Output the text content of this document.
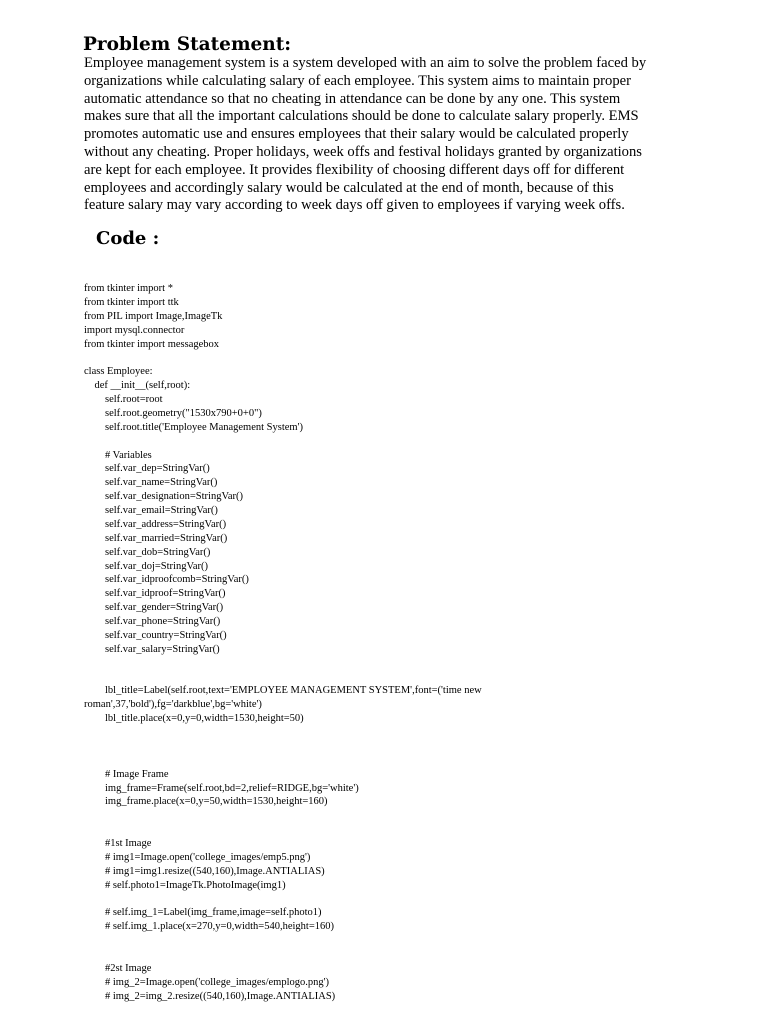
Problem Statement:

Employee management system is a system developed with an aim to solve the problem faced by
organizations while calculating salary of each employee. This system aims to maintain proper
automatic attendance so that no cheating in attendance can be done by any one. This system
makes sure that all the important calculations should be done to calculate salary properly. EMS
promotes automatic use and ensures employees that their salary would be calculated properly
without any cheating. Proper holidays, week offs and festival holidays granted by organizations
are kept for each employee. It provides flexibility of choosing different days off for different
employees and accordingly salary would be calculated at the end of month, because of this
feature salary may vary according to week days off given to employees if varying week offs.

Code :
from tkinter import *
from tkinter import ttk
from PIL import Image,ImageTk
import mysql.connector
from tkinter import messagebox

class Employee:
def __init__(self,root):
self.root=root
self.root.geometry("1530x790+0+0")
self.root.title('Employee Management System')

# Variables
self.var_dep=StringVar()
self.var_name=StringVar()
self.var_designation=StringVar()
self.var_email=StringVar()
self.var_address=StringVar()
self.var_married=StringVar()
self.var_dob=StringVar()
self.var_doj=StringVar()
self.var_idproofcomb=StringVar()
self.var_idproof=StringVar()
self.var_gender=StringVar()
self.var_phone=StringVar()
self.var_country=StringVar()
self.var_salary=StringVar()

lbl_title=Label(self.root,text='EMPLOYEE MANAGEMENT SYSTEM',font=('time new
roman',37,'bold'),fg='darkblue',bg='white')
lbl_title.place(x=0,y=0,width=1530,height=50)

# Image Frame
img_frame=Frame(self.root,bd=2,relief=RIDGE,bg='white')
img_frame.place(x=0,y=50,width=1530,height=160)

#1st Image
# img1=Image.open('college_images/emp5.png')
# img1=img1.resize((540,160),Image.ANTIALIAS)
# self.photo1=ImageTk.PhotoImage(img1)

# self.img_1=Label(img_frame,image=self.photo1)
# self.img_1.place(x=270,y=0,width=540,height=160)

#2st Image
# img_2=Image.open('college_images/emplogo.png')
# img_2=img_2.resize((540,160),Image.ANTIALIAS)
